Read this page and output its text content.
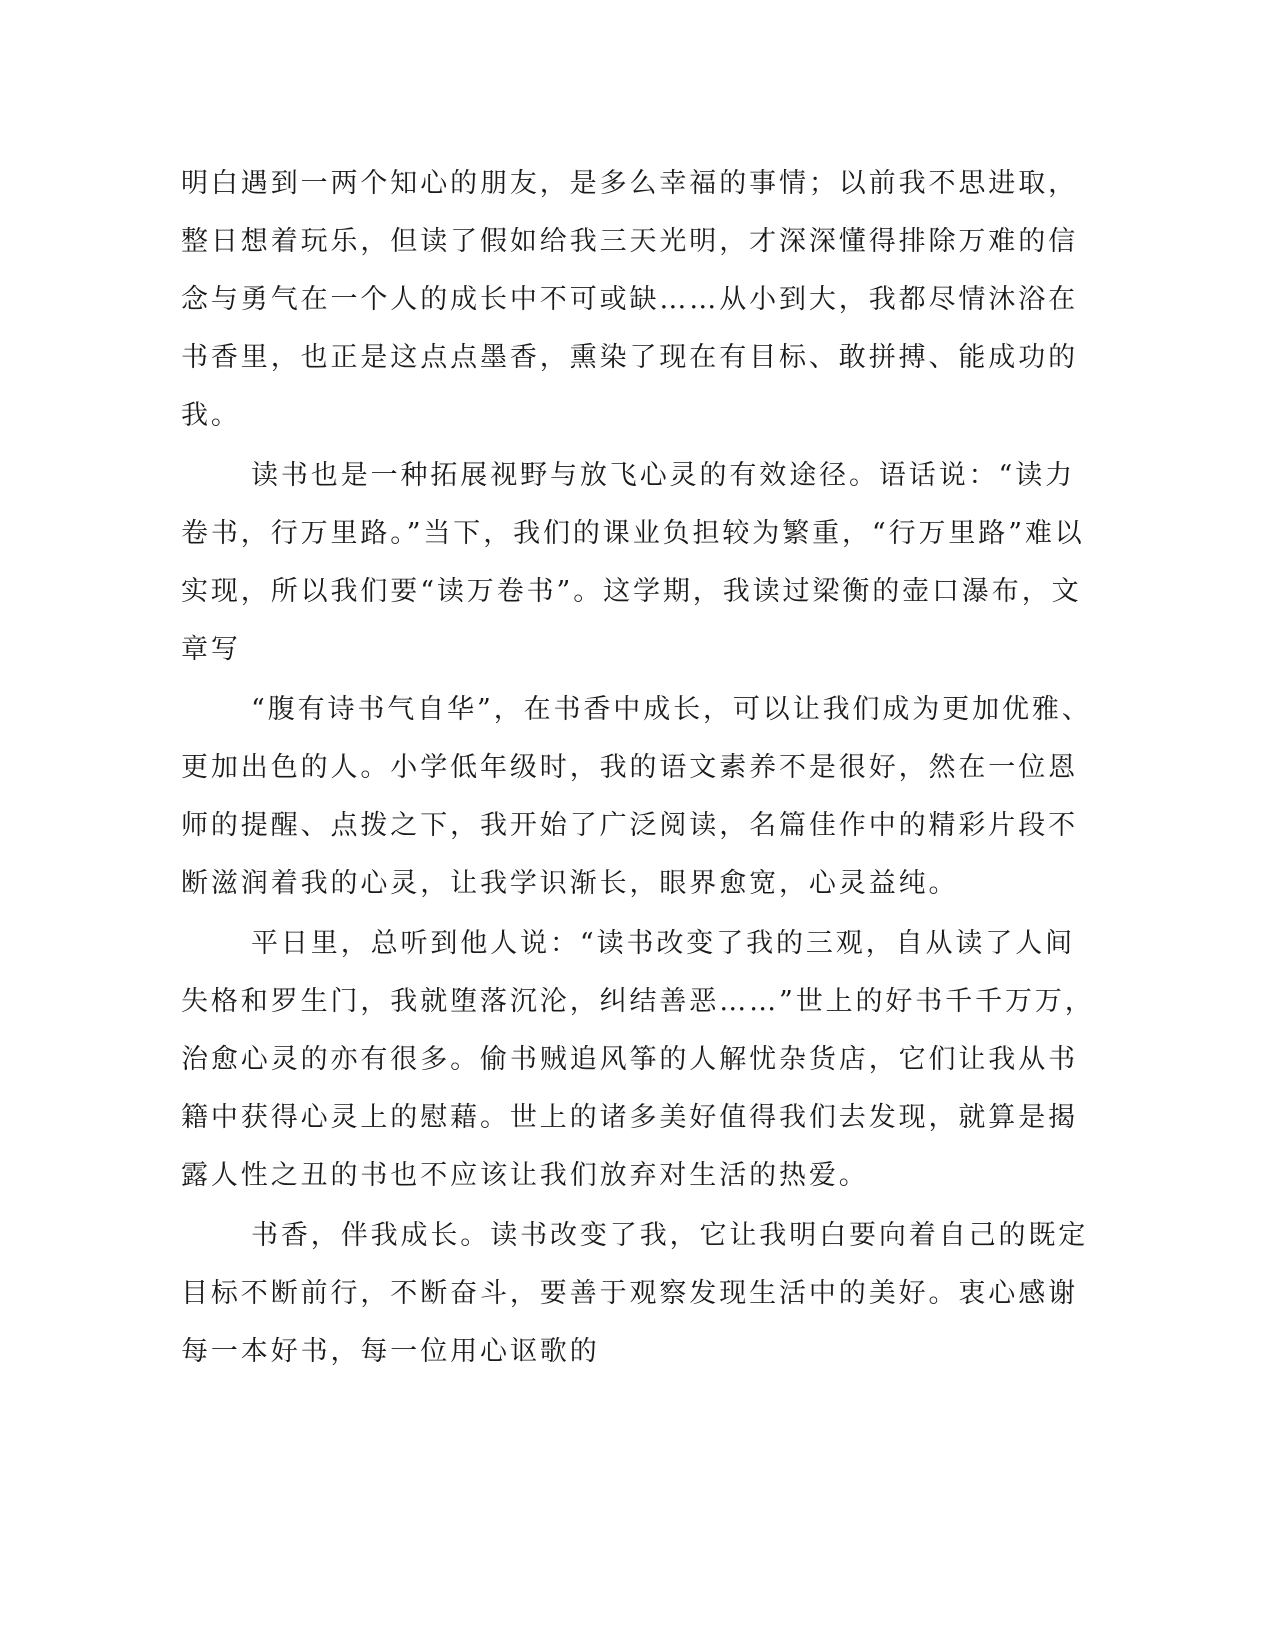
明白遇到一两个知心的朋友，是多么幸福的事情；以前我不思进取，
整日想着玩乐，但读了假如给我三天光明，才深深懂得排除万难的信
念与勇气在一个人的成长中不可或缺……从小到大，我都尽情沐浴在
书香里，也正是这点点墨香，熏染了现在有目标、敢拼搏、能成功的
我。
读书也是一种拓展视野与放飞心灵的有效途径。语话说：“读力
卷书，行万里路。”当下，我们的课业负担较为繁重，“行万里路”难以
实现，所以我们要“读万卷书”。这学期，我读过梁衡的壶口瀑布，文
章写
“腹有诗书气自华”，在书香中成长，可以让我们成为更加优雅、
更加出色的人。小学低年级时，我的语文素养不是很好，然在一位恩
师的提醒、点拨之下，我开始了广泛阅读，名篇佳作中的精彩片段不
断滋润着我的心灵，让我学识渐长，眼界愈宽，心灵益纯。
平日里，总听到他人说：“读书改变了我的三观，自从读了人间
失格和罗生门，我就堕落沉沦，纠结善恶……”世上的好书千千万万，
治愈心灵的亦有很多。偷书贼追风筝的人解忧杂货店，它们让我从书
籍中获得心灵上的慰藉。世上的诸多美好值得我们去发现，就算是揭
露人性之丑的书也不应该让我们放弃对生活的热爱。
书香，伴我成长。读书改变了我，它让我明白要向着自己的既定
目标不断前行，不断奋斗，要善于观察发现生活中的美好。衷心感谢
每一本好书，每一位用心讴歌的
